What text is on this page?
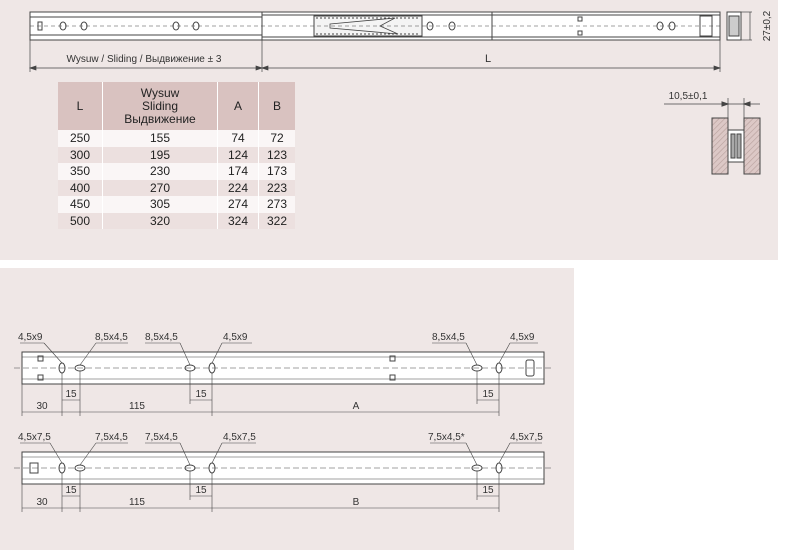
Wysuw / Sliding / Выдвижение ± 3	L
27±0,2
10,5±0,1
4,5x9	8,5x4,5 8,5x4,5	4,5x9	8,5x4,5	4,5x9
30	115	A
15	15	15
4,5x7,5	7,5x4,5 7,5x4,5	4,5x7,5	7,5x4,5*	4,5x7,5
30	115	B
15	15	15
L	Wysuw
Sliding
Выдвижение	A	B
250	155	74	72
300	195	124	123
350	230	174	173
400	270	224	223
450	305	274	273
500	320	324	322
